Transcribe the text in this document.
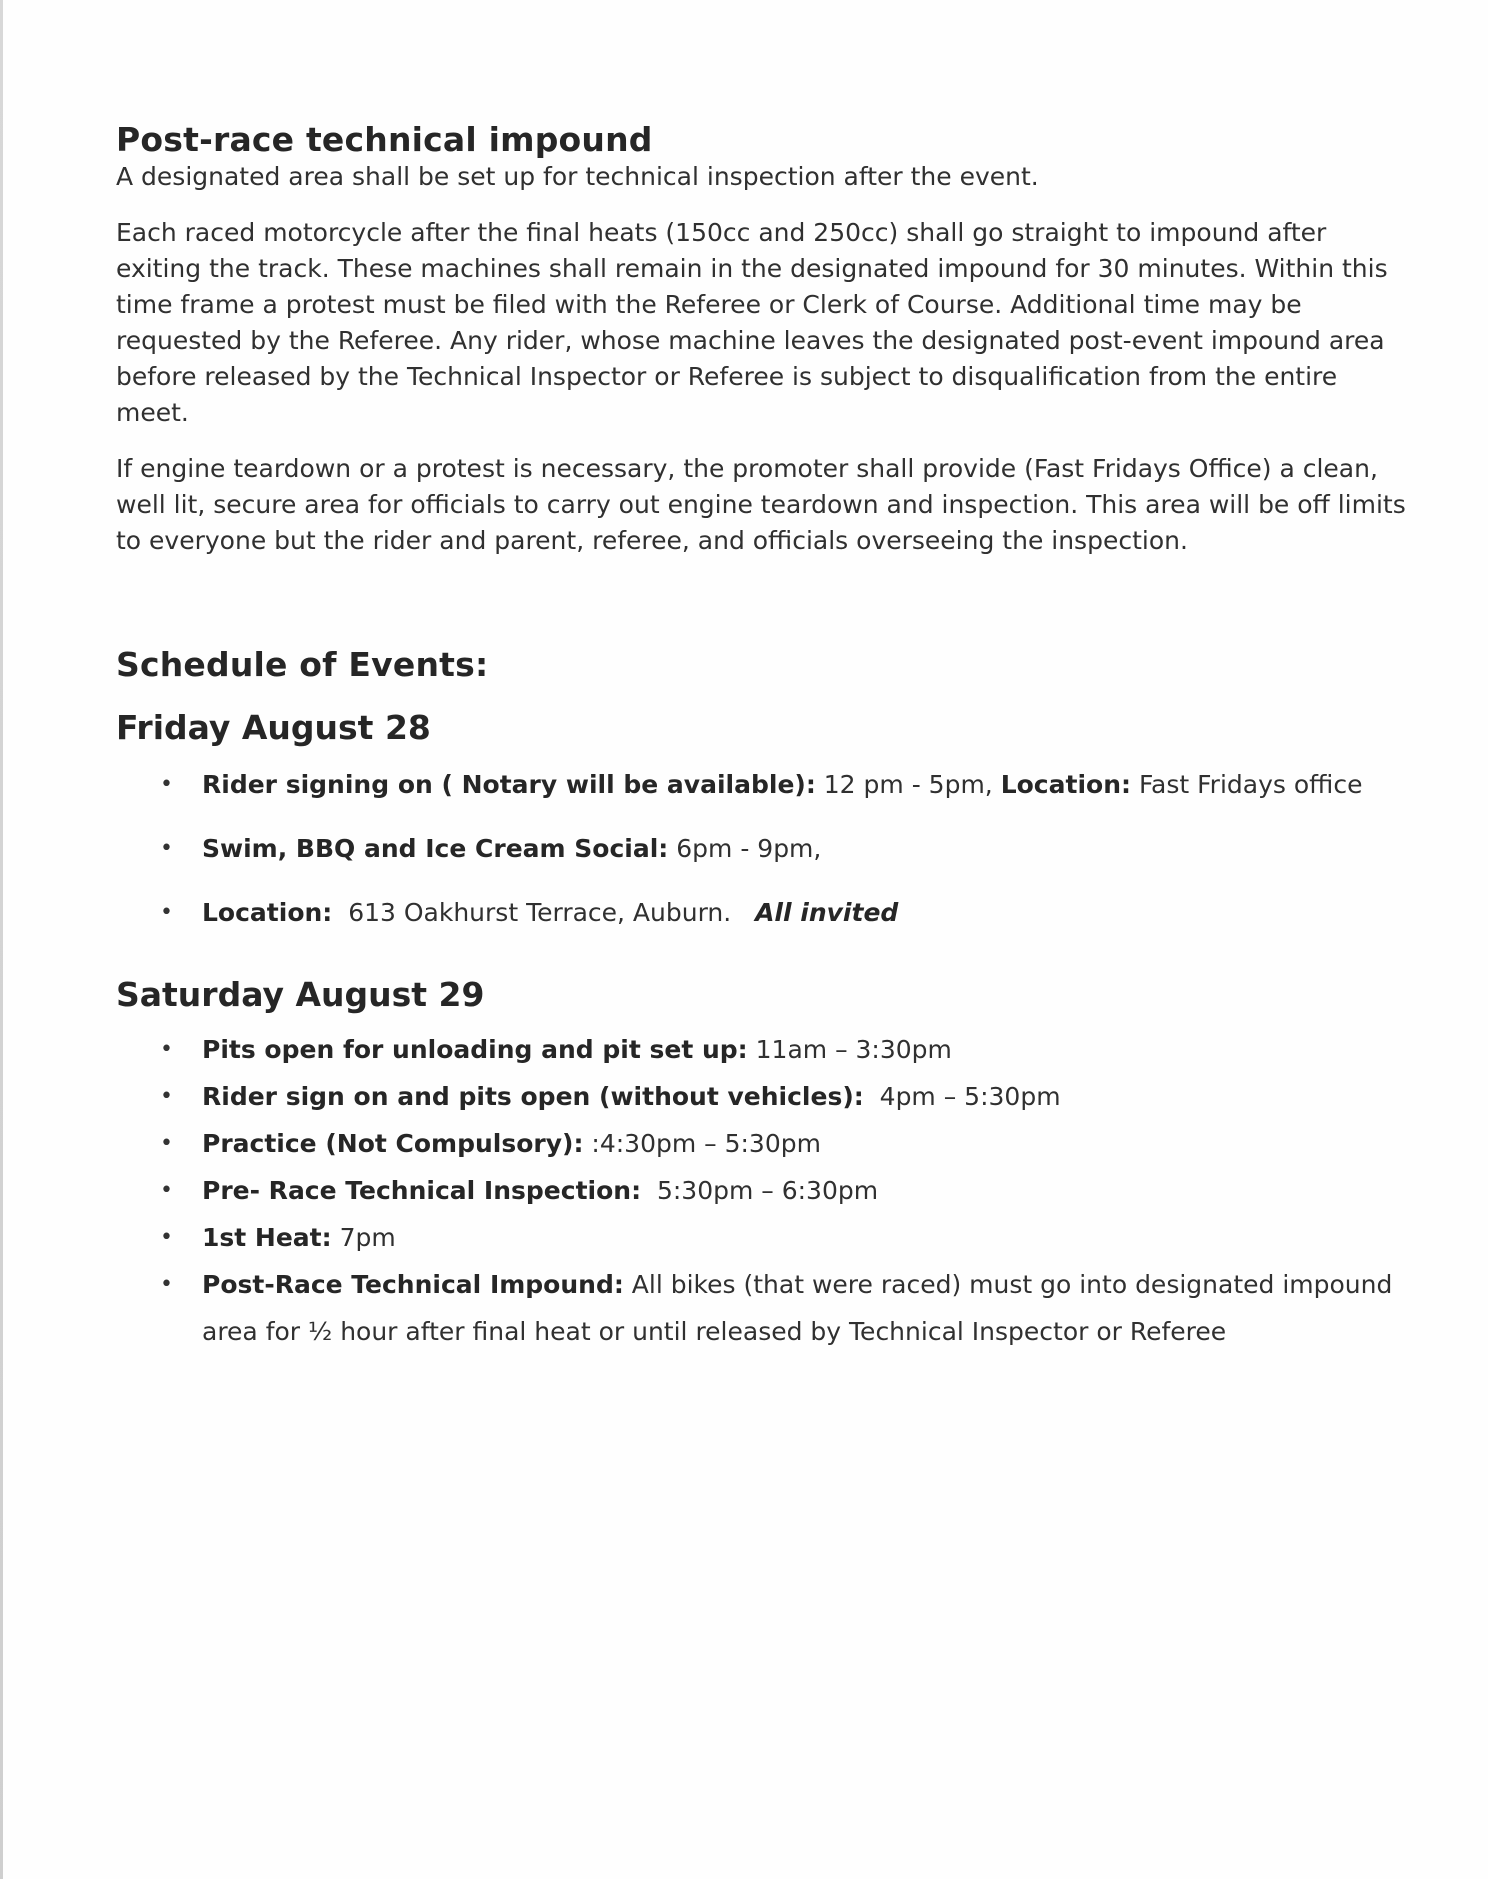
Post-race technical impound

A designated area shall be set up for technical inspection after the event.

Each raced motorcycle after the final heats (150cc and 250cc) shall go straight to impound after exiting the track. These machines shall remain in the designated impound for 30 minutes. Within this time frame a protest must be filed with the Referee or Clerk of Course. Additional time may be requested by the Referee. Any rider, whose machine leaves the designated post-event impound area before released by the Technical Inspector or Referee is subject to disqualification from the entire meet.

If engine teardown or a protest is necessary, the promoter shall provide (Fast Fridays Office) a clean, well lit, secure area for officials to carry out engine teardown and inspection. This area will be off limits to everyone but the rider and parent, referee, and officials overseeing the inspection.

Schedule of Events:
Friday August 28
• Rider signing on ( Notary will be available): 12 pm - 5pm, Location: Fast Fridays office
• Swim, BBQ and Ice Cream Social: 6pm - 9pm,
• Location:  613 Oakhurst Terrace, Auburn.   All invited
Saturday August 29
• Pits open for unloading and pit set up: 11am – 3:30pm
• Rider sign on and pits open (without vehicles):  4pm – 5:30pm
• Practice (Not Compulsory): :4:30pm – 5:30pm
• Pre- Race Technical Inspection:  5:30pm – 6:30pm
• 1st Heat: 7pm
• Post-Race Technical Impound: All bikes (that were raced) must go into designated impound area for ½ hour after final heat or until released by Technical Inspector or Referee
